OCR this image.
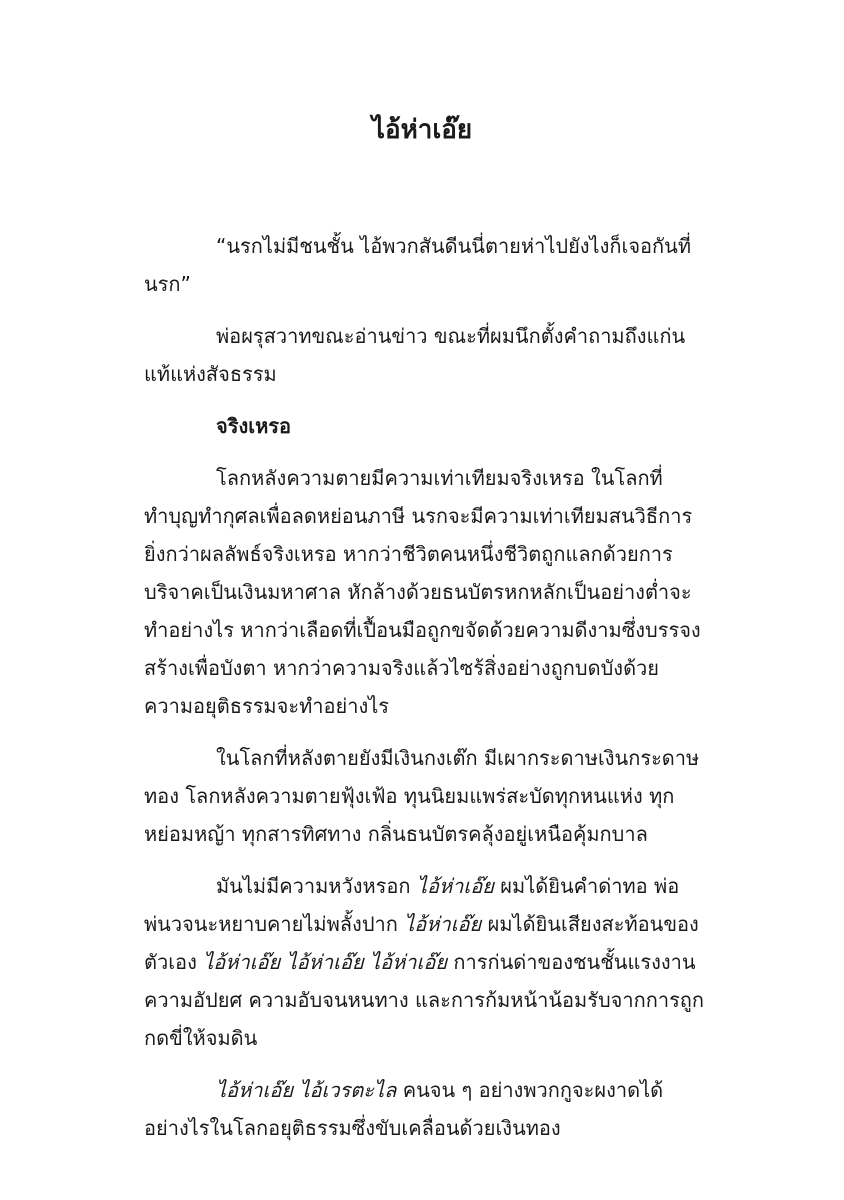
ไอ้ห่าเอ๊ย

“นรกไม่มีชนชั้น ไอ้พวกสันดีนนี่ตายห่าไปยังไงก็เจอกันที่
นรก”

พ่อผรุสวาทขณะอ่านข่าว ขณะที่ผมนึกตั้งคำถามถึงแก่น
แท้แห่งสัจธรรม

จริงเหรอ

โลกหลังความตายมีความเท่าเทียมจริงเหรอ ในโลกที่
ทำบุญทำกุศลเพื่อลดหย่อนภาษี นรกจะมีความเท่าเทียมสนวิธีการ
ยิ่งกว่าผลลัพธ์จริงเหรอ หากว่าชีวิตคนหนึ่งชีวิตถูกแลกด้วยการ
บริจาคเป็นเงินมหาศาล หักล้างด้วยธนบัตรหกหลักเป็นอย่างต่ำจะ
ทำอย่างไร หากว่าเลือดที่เปื้อนมือถูกขจัดด้วยความดีงามซึ่งบรรจง
สร้างเพื่อบังตา หากว่าความจริงแล้วไซร้สิ่งอย่างถูกบดบังด้วย
ความอยุติธรรมจะทำอย่างไร

ในโลกที่หลังตายยังมีเงินกงเต๊ก มีเผากระดาษเงินกระดาษ
ทอง โลกหลังความตายฟุ้งเฟ้อ ทุนนิยมแพร่สะบัดทุกหนแห่ง ทุก
หย่อมหญ้า ทุกสารทิศทาง กลิ่นธนบัตรคลุ้งอยู่เหนือคุ้มกบาล

มันไม่มีความหวังหรอก ไอ้ห่าเอ๊ย ผมได้ยินคำด่าทอ พ่อ
พ่นวจนะหยาบคายไม่พลั้งปาก ไอ้ห่าเอ๊ย ผมได้ยินเสียงสะท้อนของ
ตัวเอง ไอ้ห่าเอ๊ย ไอ้ห่าเอ๊ย ไอ้ห่าเอ๊ย การก่นด่าของชนชั้นแรงงาน
ความอัปยศ ความอับจนหนทาง และการก้มหน้าน้อมรับจากการถูก
กดขี่ให้จมดิน

ไอ้ห่าเอ๊ย ไอ้เวรตะไล คนจน ๆ อย่างพวกกูจะผงาดได้
อย่างไรในโลกอยุติธรรมซึ่งขับเคลื่อนด้วยเงินทอง
